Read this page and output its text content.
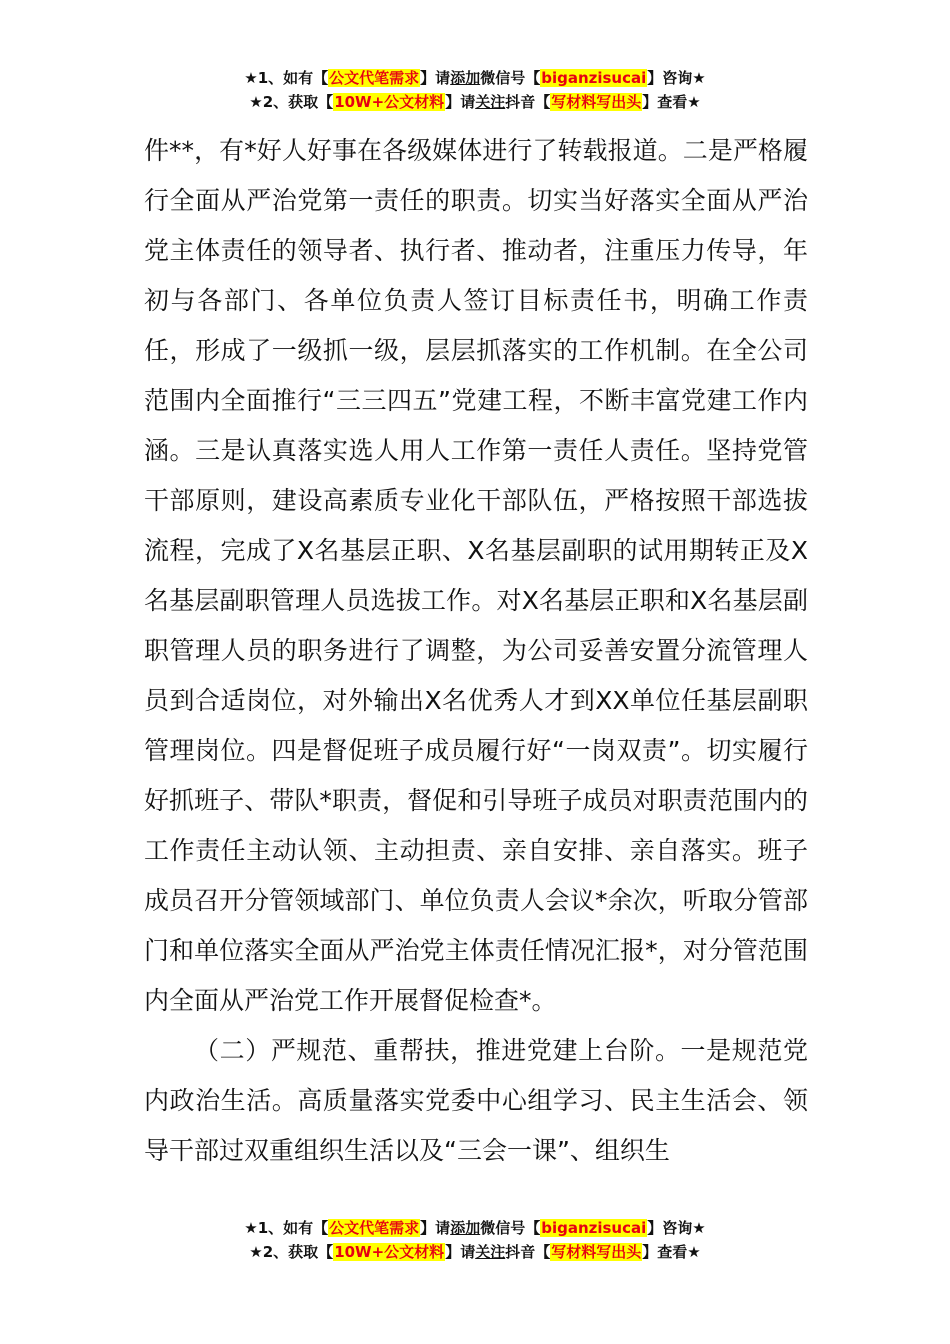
★1、如有【公文代笔需求】请添加微信号【biganzisucai】咨询★
★2、获取【10W+公文材料】请关注抖音【写材料写出头】查看★

件**，有*好人好事在各级媒体进行了转载报道。二是严格履行全面从严治党第一责任的职责。切实当好落实全面从严治党主体责任的领导者、执行者、推动者，注重压力传导，年初与各部门、各单位负责人签订目标责任书，明确工作责任，形成了一级抓一级，层层抓落实的工作机制。在全公司范围内全面推行“三三四五”党建工程，不断丰富党建工作内涵。三是认真落实选人用人工作第一责任人责任。坚持党管干部原则，建设高素质专业化干部队伍，严格按照干部选拔流程，完成了X名基层正职、X名基层副职的试用期转正及X名基层副职管理人员选拔工作。对X名基层正职和X名基层副职管理人员的职务进行了调整，为公司妥善安置分流管理人员到合适岗位，对外输出X名优秀人才到XX单位任基层副职管理岗位。四是督促班子成员履行好“一岗双责”。切实履行好抓班子、带队*职责，督促和引导班子成员对职责范围内的工作责任主动认领、主动担责、亲自安排、亲自落实。班子成员召开分管领域部门、单位负责人会议*余次，听取分管部门和单位落实全面从严治党主体责任情况汇报*，对分管范围内全面从严治党工作开展督促检查*。

（二）严规范、重帮扶，推进党建上台阶。一是规范党内政治生活。高质量落实党委中心组学习、民主生活会、领导干部过双重组织生活以及“三会一课”、组织生

★1、如有【公文代笔需求】请添加微信号【biganzisucai】咨询★
★2、获取【10W+公文材料】请关注抖音【写材料写出头】查看★
